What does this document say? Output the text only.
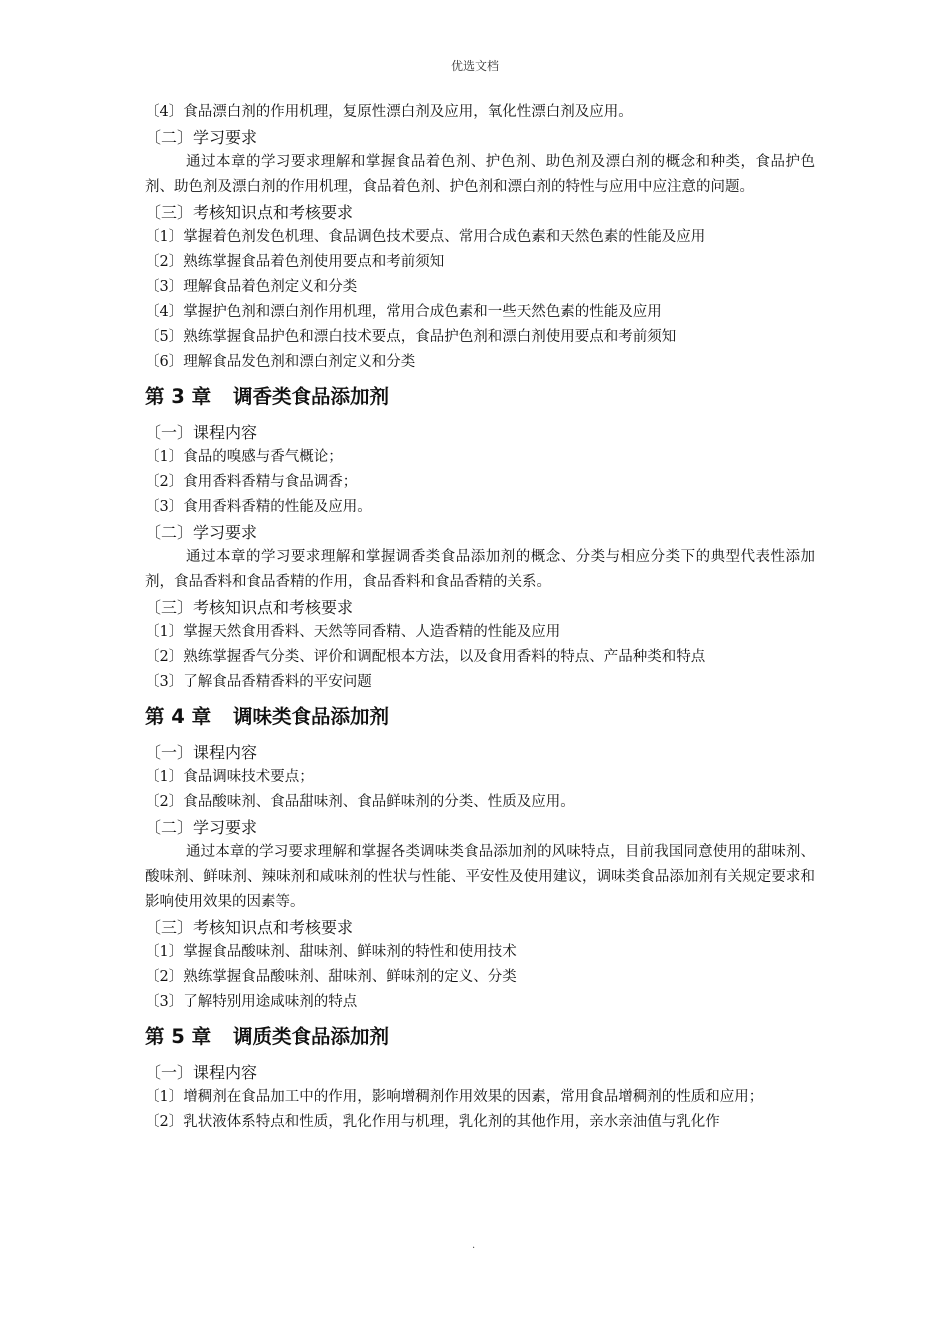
优选文档
〔4〕食品漂白剂的作用机理，复原性漂白剂及应用，氧化性漂白剂及应用。
〔二〕学习要求

通过本章的学习要求理解和掌握食品着色剂、护色剂、助色剂及漂白剂的概念和种类，食品护色剂、助色剂及漂白剂的作用机理，食品着色剂、护色剂和漂白剂的特性与应用中应注意的问题。

〔三〕考核知识点和考核要求
〔1〕掌握着色剂发色机理、食品调色技术要点、常用合成色素和天然色素的性能及应用
〔2〕熟练掌握食品着色剂使用要点和考前须知
〔3〕理解食品着色剂定义和分类
〔4〕掌握护色剂和漂白剂作用机理，常用合成色素和一些天然色素的性能及应用
〔5〕熟练掌握食品护色和漂白技术要点，食品护色剂和漂白剂使用要点和考前须知
〔6〕理解食品发色剂和漂白剂定义和分类
第 3 章 调香类食品添加剂
〔一〕课程内容
〔1〕食品的嗅感与香气概论；
〔2〕食用香料香精与食品调香；
〔3〕食用香料香精的性能及应用。
〔二〕学习要求

通过本章的学习要求理解和掌握调香类食品添加剂的概念、分类与相应分类下的典型代表性添加剂，食品香料和食品香精的作用，食品香料和食品香精的关系。

〔三〕考核知识点和考核要求
〔1〕掌握天然食用香料、天然等同香精、人造香精的性能及应用
〔2〕熟练掌握香气分类、评价和调配根本方法，以及食用香料的特点、产品种类和特点
〔3〕了解食品香精香料的平安问题
第 4 章 调味类食品添加剂
〔一〕课程内容
〔1〕食品调味技术要点；
〔2〕食品酸味剂、食品甜味剂、食品鲜味剂的分类、性质及应用。
〔二〕学习要求

通过本章的学习要求理解和掌握各类调味类食品添加剂的风味特点，目前我国同意使用的甜味剂、酸味剂、鲜味剂、辣味剂和咸味剂的性状与性能、平安性及使用建议，调味类食品添加剂有关规定要求和影响使用效果的因素等。

〔三〕考核知识点和考核要求
〔1〕掌握食品酸味剂、甜味剂、鲜味剂的特性和使用技术
〔2〕熟练掌握食品酸味剂、甜味剂、鲜味剂的定义、分类
〔3〕了解特别用途咸味剂的特点
第 5 章 调质类食品添加剂
〔一〕课程内容

〔1〕增稠剂在食品加工中的作用，影响增稠剂作用效果的因素，常用食品增稠剂的性质和应用；

〔2〕乳状液体系特点和性质，乳化作用与机理，乳化剂的其他作用，亲水亲油值与乳化作
.
